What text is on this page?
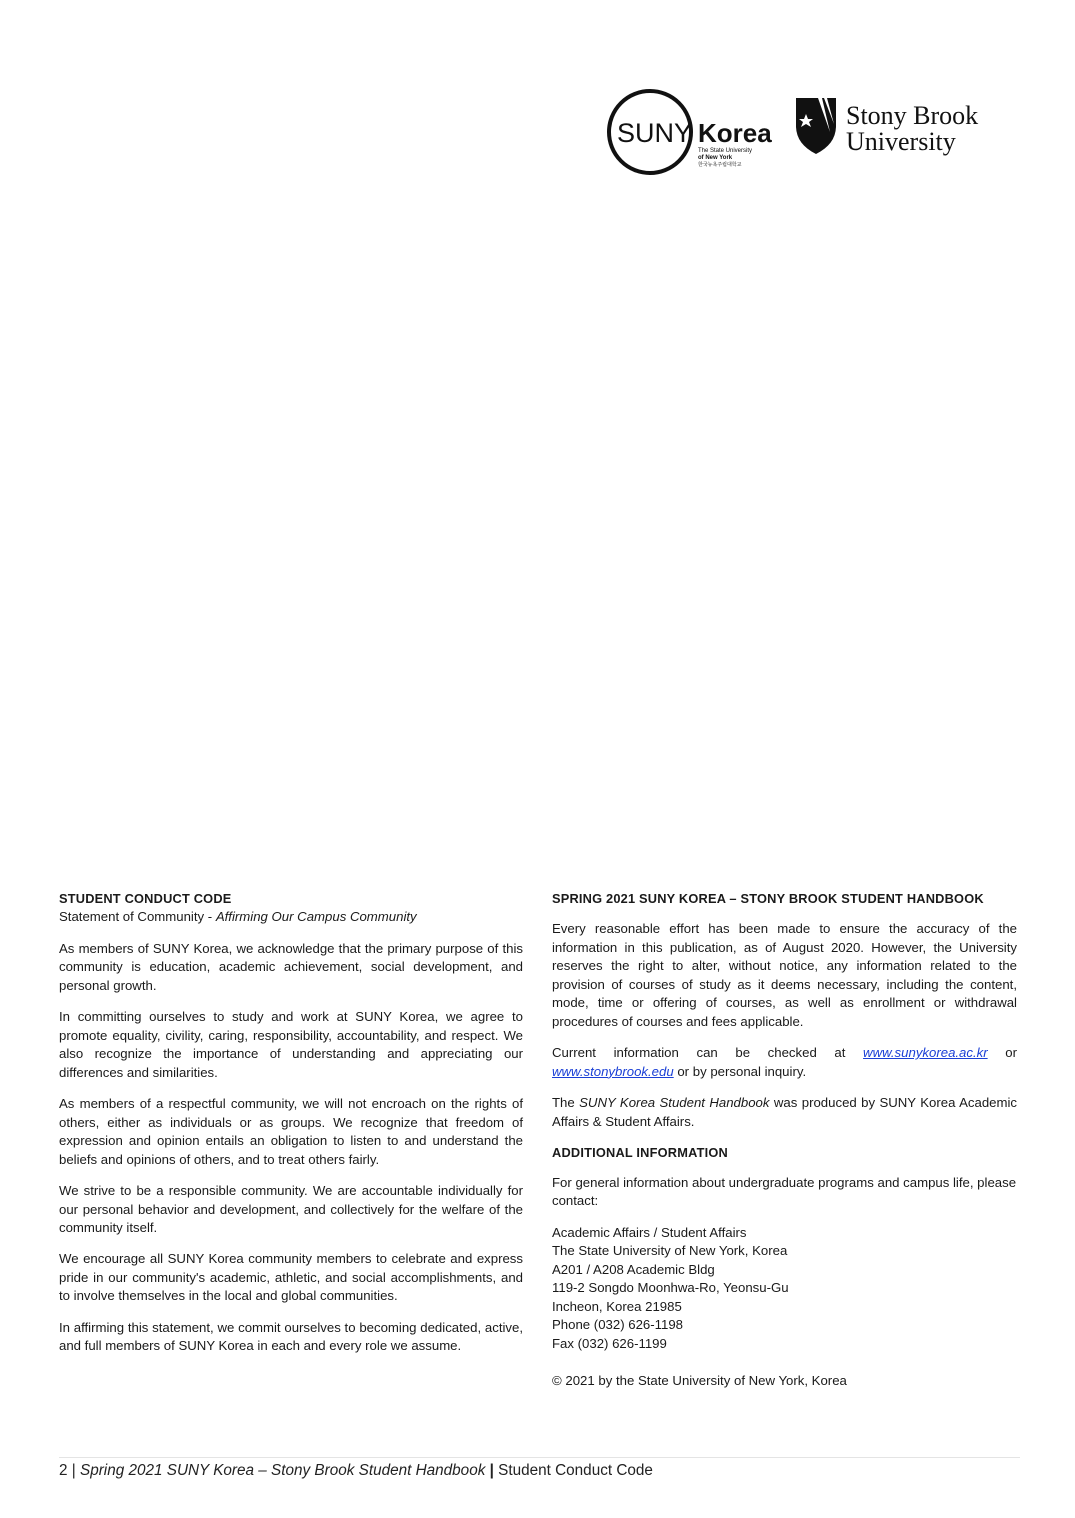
SUNY Korea
The State University
of New York
한국뉴욕주립대학교
Stony Brook
University
STUDENT CONDUCT CODE
Statement of Community - Affirming Our Campus Community

As members of SUNY Korea, we acknowledge that the primary purpose of this community is education, academic achievement, social development, and personal growth.

In committing ourselves to study and work at SUNY Korea, we agree to promote equality, civility, caring, responsibility, accountability, and respect. We also recognize the importance of understanding and appreciating our differences and similarities.

As members of a respectful community, we will not encroach on the rights of others, either as individuals or as groups. We recognize that freedom of expression and opinion entails an obligation to listen to and understand the beliefs and opinions of others, and to treat others fairly.

We strive to be a responsible community. We are accountable individually for our personal behavior and development, and collectively for the welfare of the community itself.

We encourage all SUNY Korea community members to celebrate and express pride in our community's academic, athletic, and social accomplishments, and to involve themselves in the local and global communities.

In affirming this statement, we commit ourselves to becoming dedicated, active, and full members of SUNY Korea in each and every role we assume.

SPRING 2021 SUNY KOREA – STONY BROOK STUDENT HANDBOOK

Every reasonable effort has been made to ensure the accuracy of the information in this publication, as of August 2020. However, the University reserves the right to alter, without notice, any information related to the provision of courses of study as it deems necessary, including the content, mode, time or offering of courses, as well as enrollment or withdrawal procedures of courses and fees applicable.

Current information can be checked at www.sunykorea.ac.kr or www.stonybrook.edu or by personal inquiry.

The SUNY Korea Student Handbook was produced by SUNY Korea Academic Affairs & Student Affairs.

ADDITIONAL INFORMATION

For general information about undergraduate programs and campus life, please contact:

Academic Affairs / Student Affairs
The State University of New York, Korea
A201 / A208 Academic Bldg
119-2 Songdo Moonhwa-Ro, Yeonsu-Gu
Incheon, Korea 21985
Phone (032) 626-1198
Fax (032) 626-1199

© 2021 by the State University of New York, Korea

2 | Spring 2021 SUNY Korea – Stony Brook Student Handbook | Student Conduct Code
